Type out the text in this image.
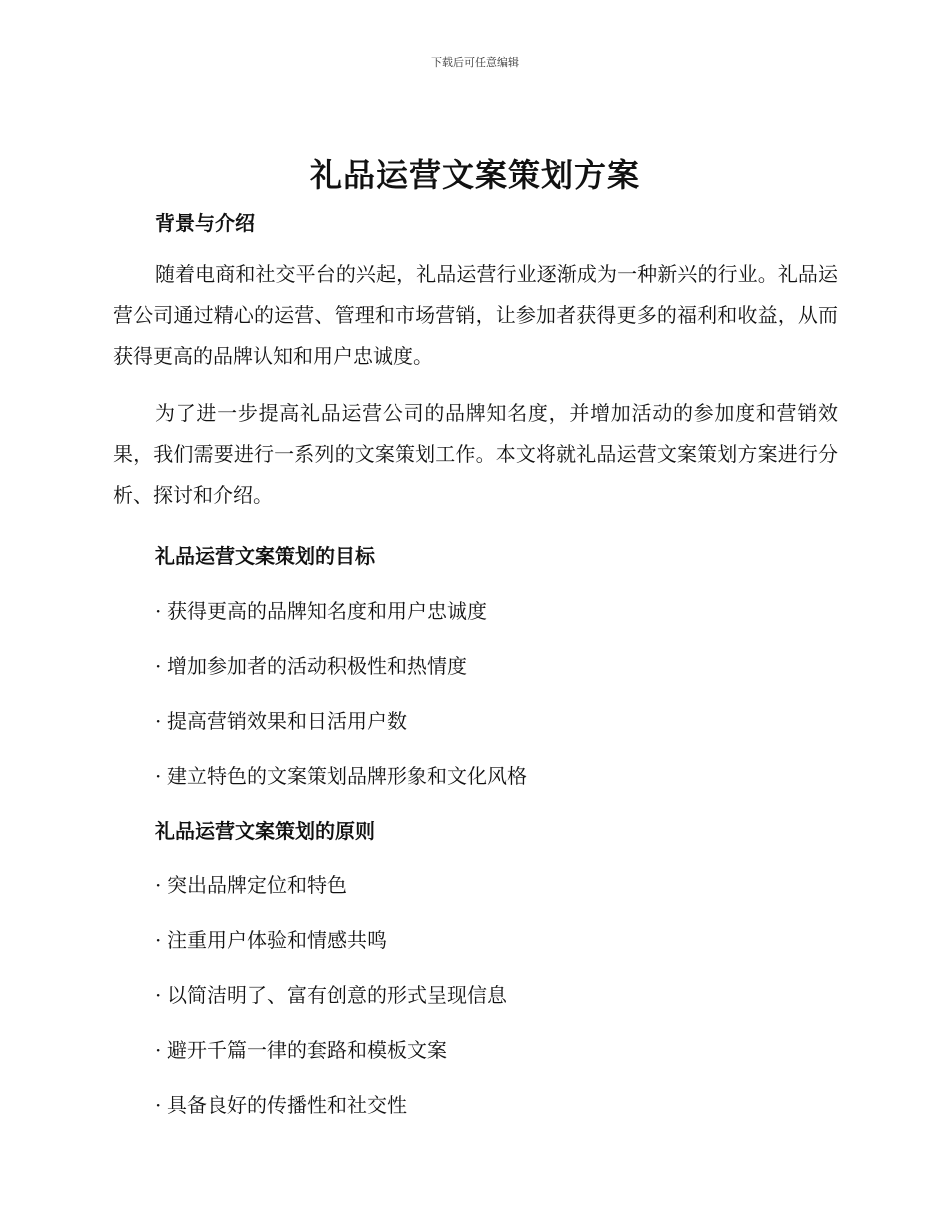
下载后可任意编辑
礼品运营文案策划方案
背景与介绍

随着电商和社交平台的兴起，礼品运营行业逐渐成为一种新兴的行业。礼品运营公司通过精心的运营、管理和市场营销，让参加者获得更多的福利和收益，从而获得更高的品牌认知和用户忠诚度。

为了进一步提高礼品运营公司的品牌知名度，并增加活动的参加度和营销效果，我们需要进行一系列的文案策划工作。本文将就礼品运营文案策划方案进行分析、探讨和介绍。

礼品运营文案策划的目标

· 获得更高的品牌知名度和用户忠诚度

· 增加参加者的活动积极性和热情度

· 提高营销效果和日活用户数

· 建立特色的文案策划品牌形象和文化风格

礼品运营文案策划的原则

· 突出品牌定位和特色

· 注重用户体验和情感共鸣

· 以简洁明了、富有创意的形式呈现信息

· 避开千篇一律的套路和模板文案

· 具备良好的传播性和社交性
